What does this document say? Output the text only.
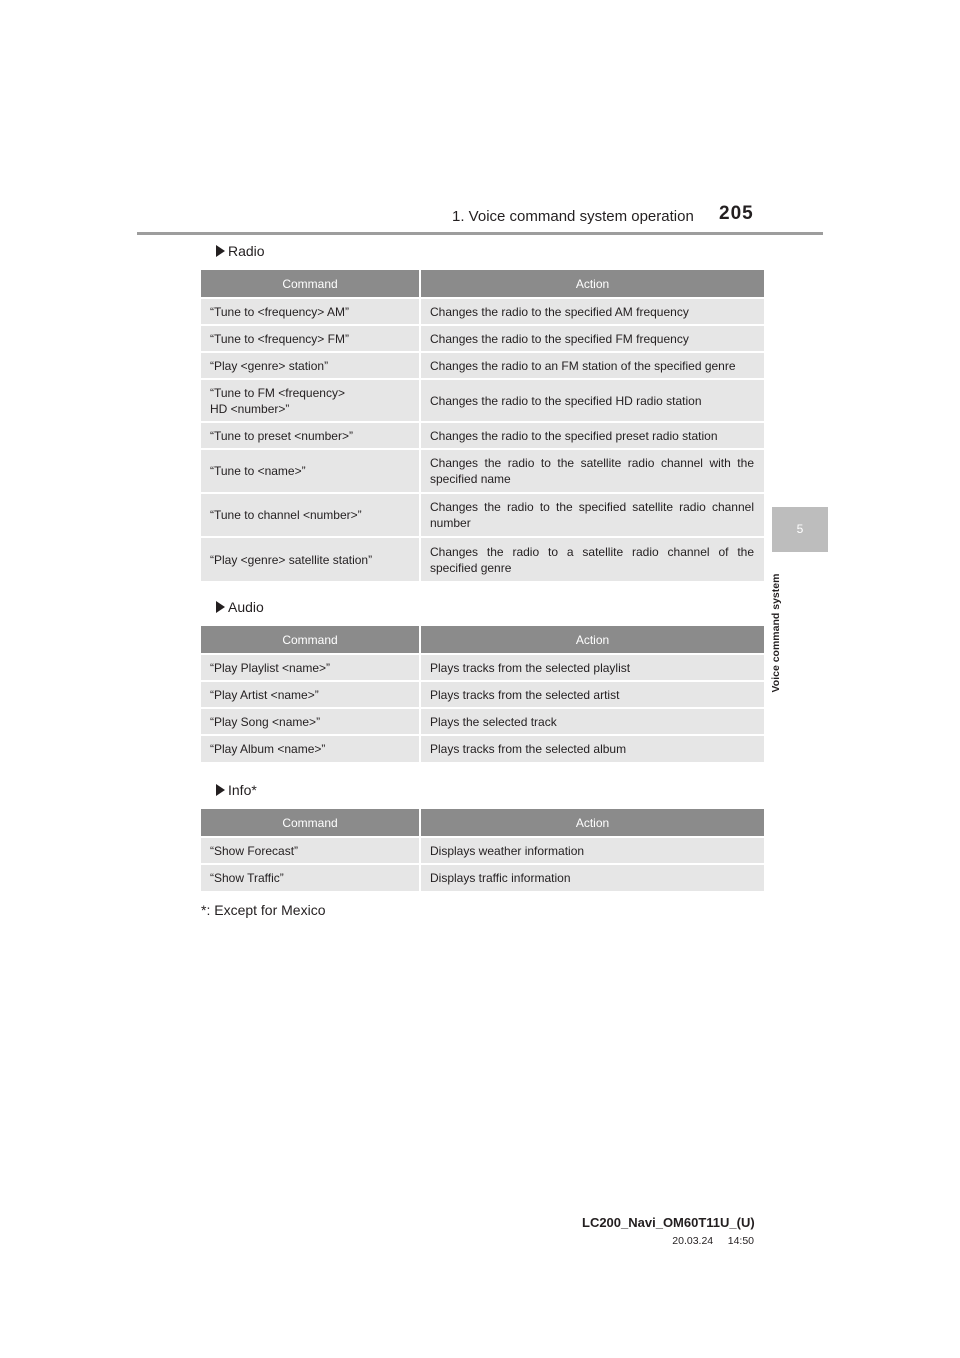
1. Voice command system operation 205
5
Voice command system
Radio
Command	Action
“Tune to <frequency> AM”	Changes the radio to the specified AM frequency
“Tune to <frequency> FM”	Changes the radio to the specified FM frequency
“Play <genre> station”	Changes the radio to an FM station of the specified genre
“Tune to FM <frequency> HD <number>”	Changes the radio to the specified HD radio station
“Tune to preset <number>”	Changes the radio to the specified preset radio station
“Tune to <name>”	Changes the radio to the satellite radio channel with the specified name
“Tune to channel <number>”	Changes the radio to the specified satellite radio channel number
“Play <genre> satellite station”	Changes the radio to a satellite radio channel of the specified genre
Audio
Command	Action
“Play Playlist <name>”	Plays tracks from the selected playlist
“Play Artist <name>”	Plays tracks from the selected artist
“Play Song <name>”	Plays the selected track
“Play Album <name>”	Plays tracks from the selected album
Info*
Command	Action
“Show Forecast”	Displays weather information
“Show Traffic”	Displays traffic information
*: Except for Mexico
LC200_Navi_OM60T11U_(U)
20.03.24     14:50
